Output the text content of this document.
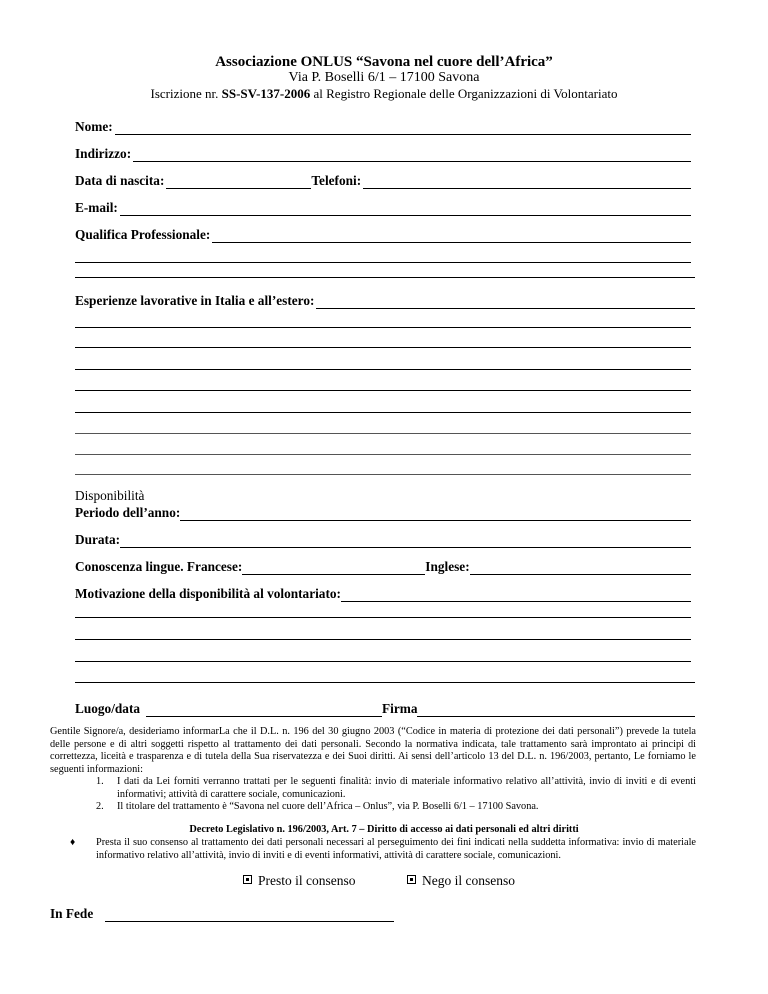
Associazione ONLUS “Savona nel cuore dell’Africa”
Via P. Boselli 6/1 – 17100 Savona
Iscrizione nr. SS-SV-137-2006 al Registro Regionale delle Organizzazioni di Volontariato
Nome:
Indirizzo:
Data di nascita:	Telefoni:
E-mail:
Qualifica Professionale:
Esperienze lavorative in Italia e all’estero:
Disponibilità
Periodo dell’anno:
Durata:
Conoscenza lingue. Francese:	Inglese:
Motivazione della disponibilità al volontariato:
Luogo/data	Firma
Gentile Signore/a, desideriamo informarLa che il D.L. n. 196 del 30 giugno 2003 (“Codice in materia di protezione dei dati personali”) prevede la tutela delle persone e di altri soggetti rispetto al trattamento dei dati personali. Secondo la normativa indicata, tale trattamento sarà improntato ai principi di correttezza, liceità e trasparenza e di tutela della Sua riservatezza e dei Suoi diritti. Ai sensi dell’articolo 13 del D.L. n. 196/2003, pertanto, Le forniamo le seguenti informazioni:
1. I dati da Lei forniti verranno trattati per le seguenti finalità: invio di materiale informativo relativo all’attività, invio di inviti e di eventi informativi; attività di carattere sociale, comunicazioni.
2. Il titolare del trattamento è “Savona nel cuore dell’Africa – Onlus”, via P. Boselli 6/1 – 17100 Savona.
Decreto Legislativo n. 196/2003, Art. 7 – Diritto di accesso ai dati personali ed altri diritti
♦ Presta il suo consenso al trattamento dei dati personali necessari al perseguimento dei fini indicati nella suddetta informativa: invio di materiale informativo relativo all’attività, invio di inviti e di eventi informativi, attività di carattere sociale, comunicazioni.
Presto il consenso	Nego il consenso
In Fede
